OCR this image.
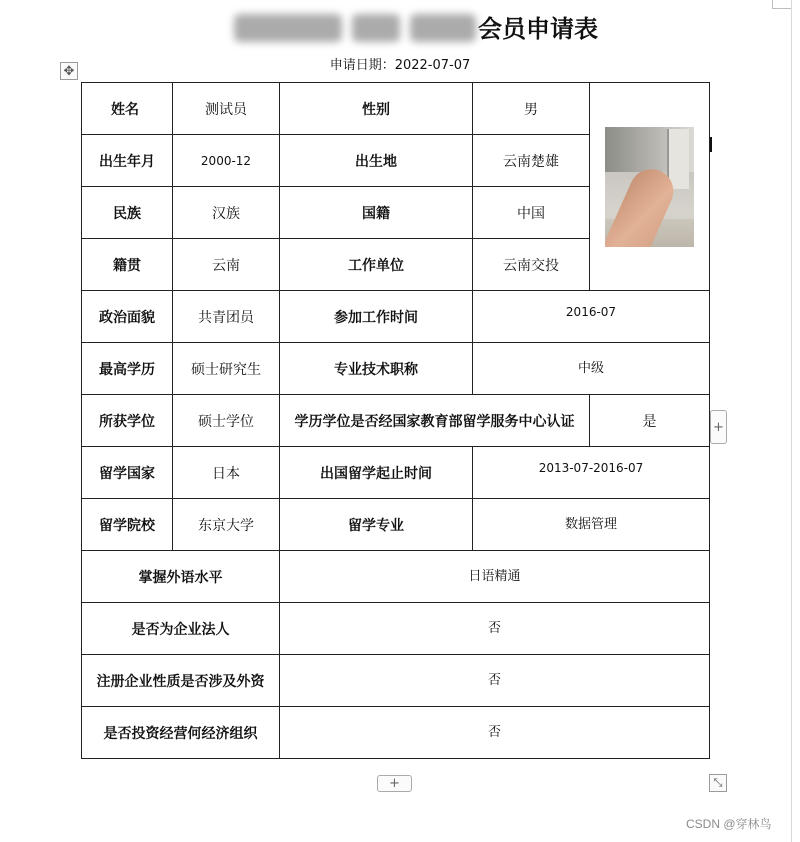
会员申请表
申请日期：2022-07-07
✥
姓名	测试员	性别	男	

出生年月	2000-12	出生地	云南楚雄	
民族	汉族	国籍	中国	
籍贯	云南	工作单位	云南交投	
政治面貌	共青团员	参加工作时间	2016-07	
最高学历	硕士研究生	专业技术职称	中级	
所获学位	硕士学位	学历学位是否经国家教育部留学服务中心认证		是
留学国家	日本	出国留学起止时间	2013-07-2016-07	
留学院校	东京大学	留学专业	数据管理	
掌握外语水平		日语精通		
是否为企业法人		否		
注册企业性质是否涉及外资		否		
是否投资经营何经济组织		否		
+
+	⤡
CSDN @穿林鸟
